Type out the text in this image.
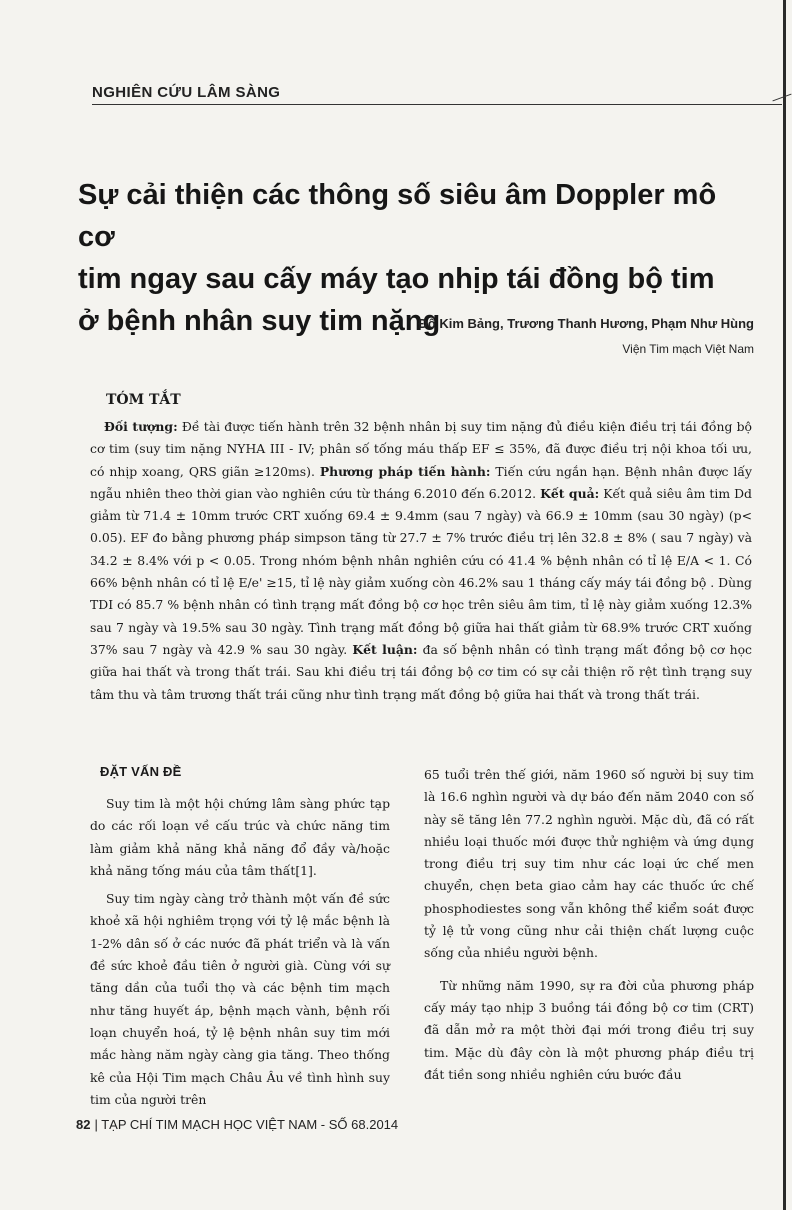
NGHIÊN CỨU LÂM SÀNG
Sự cải thiện các thông số siêu âm Doppler mô cơ
tim ngay sau cấy máy tạo nhịp tái đồng bộ tim
ở bệnh nhân suy tim nặng
Đỗ Kim Bảng, Trương Thanh Hương, Phạm Như Hùng
Viện Tim mạch Việt Nam
TÓM TẮT
Đối tượng: Đề tài được tiến hành trên 32 bệnh nhân bị suy tim nặng đủ điều kiện điều trị tái đồng bộ cơ tim (suy tim nặng NYHA III - IV; phân số tống máu thấp EF ≤ 35%, đã được điều trị nội khoa tối ưu, có nhịp xoang, QRS giãn ≥120ms). Phương pháp tiến hành: Tiến cứu ngắn hạn. Bệnh nhân được lấy ngẫu nhiên theo thời gian vào nghiên cứu từ tháng 6.2010 đến 6.2012. Kết quả: Kết quả siêu âm tim Dd giảm từ 71.4 ± 10mm trước CRT xuống 69.4 ± 9.4mm (sau 7 ngày) và 66.9 ± 10mm (sau 30 ngày) (p< 0.05). EF đo bằng phương pháp simpson tăng từ 27.7 ± 7% trước điều trị lên 32.8 ± 8% ( sau 7 ngày) và 34.2 ± 8.4% với p < 0.05. Trong nhóm bệnh nhân nghiên cứu có 41.4 % bệnh nhân có tỉ lệ E/A < 1. Có 66% bệnh nhân có tỉ lệ E/e' ≥15, tỉ lệ này giảm xuống còn 46.2% sau 1 tháng cấy máy tái đồng bộ . Dùng TDI có 85.7 % bệnh nhân có tình trạng mất đồng bộ cơ học trên siêu âm tim, tỉ lệ này giảm xuống 12.3% sau 7 ngày và 19.5% sau 30 ngày. Tình trạng mất đồng bộ giữa hai thất giảm từ 68.9% trước CRT xuống 37% sau 7 ngày và 42.9 % sau 30 ngày. Kết luận: đa số bệnh nhân có tình trạng mất đồng bộ cơ học giữa hai thất và trong thất trái. Sau khi điều trị tái đồng bộ cơ tim có sự cải thiện rõ rệt tình trạng suy tâm thu và tâm trương thất trái cũng như tình trạng mất đồng bộ giữa hai thất và trong thất trái.
ĐẶT VẤN ĐỀ

Suy tim là một hội chứng lâm sàng phức tạp do các rối loạn về cấu trúc và chức năng tim làm giảm khả năng khả năng đổ đầy và/hoặc khả năng tống máu của tâm thất[1].

Suy tim ngày càng trở thành một vấn đề sức khoẻ xã hội nghiêm trọng với tỷ lệ mắc bệnh là 1-2% dân số ở các nước đã phát triển và là vấn đề sức khoẻ đầu tiên ở người già. Cùng với sự tăng dần của tuổi thọ và các bệnh tim mạch như tăng huyết áp, bệnh mạch vành, bệnh rối loạn chuyển hoá, tỷ lệ bệnh nhân suy tim mới mắc hàng năm ngày càng gia tăng. Theo thống kê của Hội Tim mạch Châu Âu về tình hình suy tim của người trên

65 tuổi trên thế giới, năm 1960 số người bị suy tim là 16.6 nghìn người và dự báo đến năm 2040 con số này sẽ tăng lên 77.2 nghìn người. Mặc dù, đã có rất nhiều loại thuốc mới được thử nghiệm và ứng dụng trong điều trị suy tim như các loại ức chế men chuyển, chẹn beta giao cảm hay các thuốc ức chế phosphodiestes song vẫn không thể kiểm soát được tỷ lệ tử vong cũng như cải thiện chất lượng cuộc sống của nhiều người bệnh.

Từ những năm 1990, sự ra đời của phương pháp cấy máy tạo nhịp 3 buồng tái đồng bộ cơ tim (CRT) đã dẫn mở ra một thời đại mới trong điều trị suy tim. Mặc dù đây còn là một phương pháp điều trị đắt tiền song nhiều nghiên cứu bước đầu

82 | TẠP CHÍ TIM MẠCH HỌC VIỆT NAM - SỐ 68.2014
